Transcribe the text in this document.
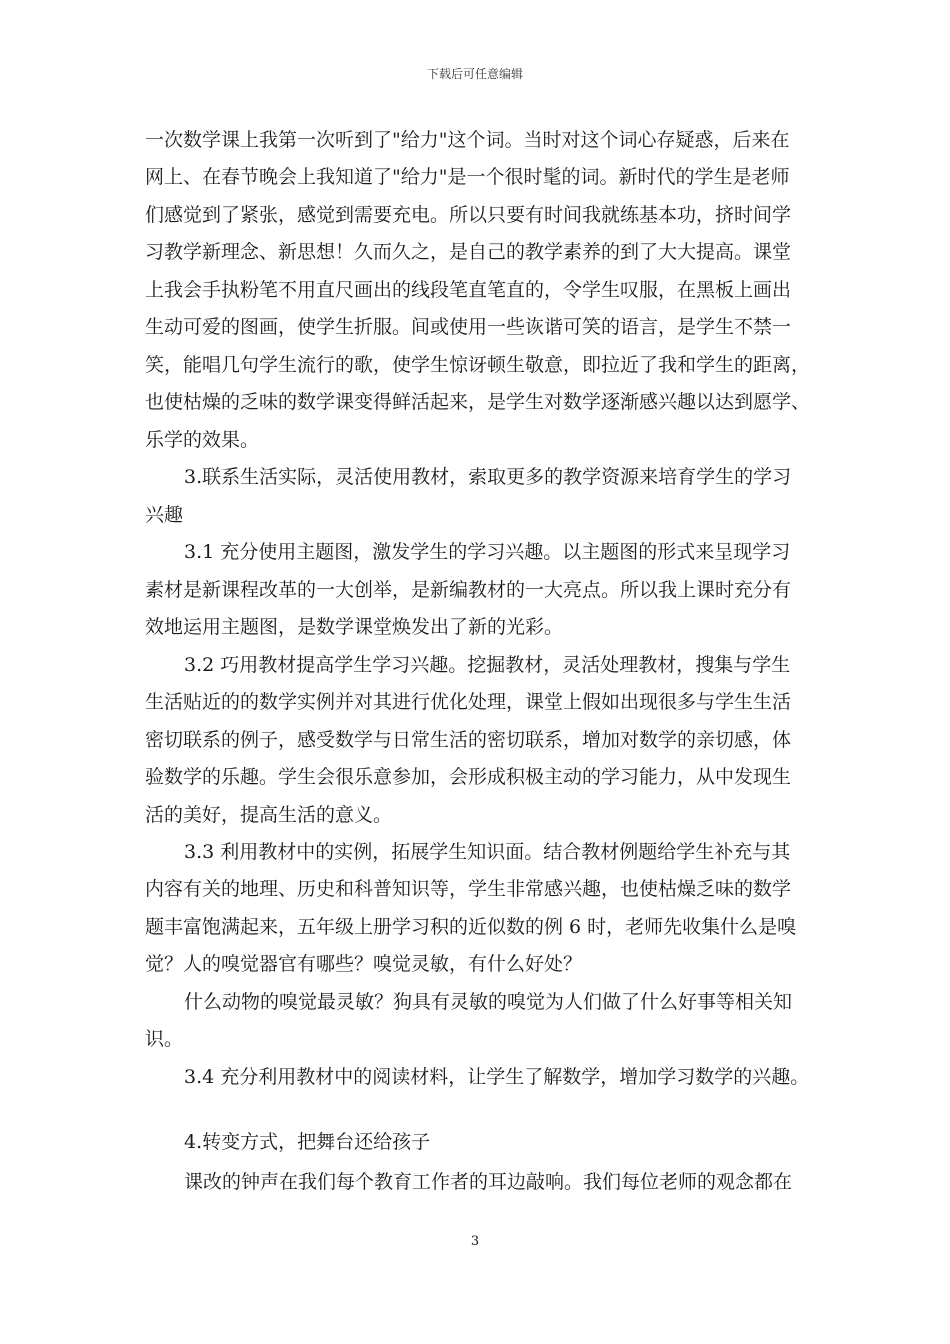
下载后可任意编辑
一次数学课上我第一次听到了"给力"这个词。当时对这个词心存疑惑，后来在
网上、在春节晚会上我知道了"给力"是一个很时髦的词。新时代的学生是老师
们感觉到了紧张，感觉到需要充电。所以只要有时间我就练基本功，挤时间学
习教学新理念、新思想！久而久之，是自己的教学素养的到了大大提高。课堂
上我会手执粉笔不用直尺画出的线段笔直笔直的，令学生叹服，在黑板上画出
生动可爱的图画，使学生折服。间或使用一些诙谐可笑的语言，是学生不禁一
笑，能唱几句学生流行的歌，使学生惊讶顿生敬意，即拉近了我和学生的距离，
也使枯燥的乏味的数学课变得鲜活起来，是学生对数学逐渐感兴趣以达到愿学、
乐学的效果。
3.联系生活实际，灵活使用教材，索取更多的教学资源来培育学生的学习
兴趣
3.1 充分使用主题图，激发学生的学习兴趣。以主题图的形式来呈现学习
素材是新课程改革的一大创举，是新编教材的一大亮点。所以我上课时充分有
效地运用主题图，是数学课堂焕发出了新的光彩。
3.2 巧用教材提高学生学习兴趣。挖掘教材，灵活处理教材，搜集与学生
生活贴近的的数学实例并对其进行优化处理，课堂上假如出现很多与学生生活
密切联系的例子，感受数学与日常生活的密切联系，增加对数学的亲切感，体
验数学的乐趣。学生会很乐意参加，会形成积极主动的学习能力，从中发现生
活的美好，提高生活的意义。
3.3 利用教材中的实例，拓展学生知识面。结合教材例题给学生补充与其
内容有关的地理、历史和科普知识等，学生非常感兴趣，也使枯燥乏味的数学
题丰富饱满起来，五年级上册学习积的近似数的例 6 时，老师先收集什么是嗅
觉？人的嗅觉器官有哪些？嗅觉灵敏，有什么好处？
什么动物的嗅觉最灵敏？狗具有灵敏的嗅觉为人们做了什么好事等相关知
识。
3.4 充分利用教材中的阅读材料，让学生了解数学，增加学习数学的兴趣。
4.转变方式，把舞台还给孩子
课改的钟声在我们每个教育工作者的耳边敲响。我们每位老师的观念都在
3
